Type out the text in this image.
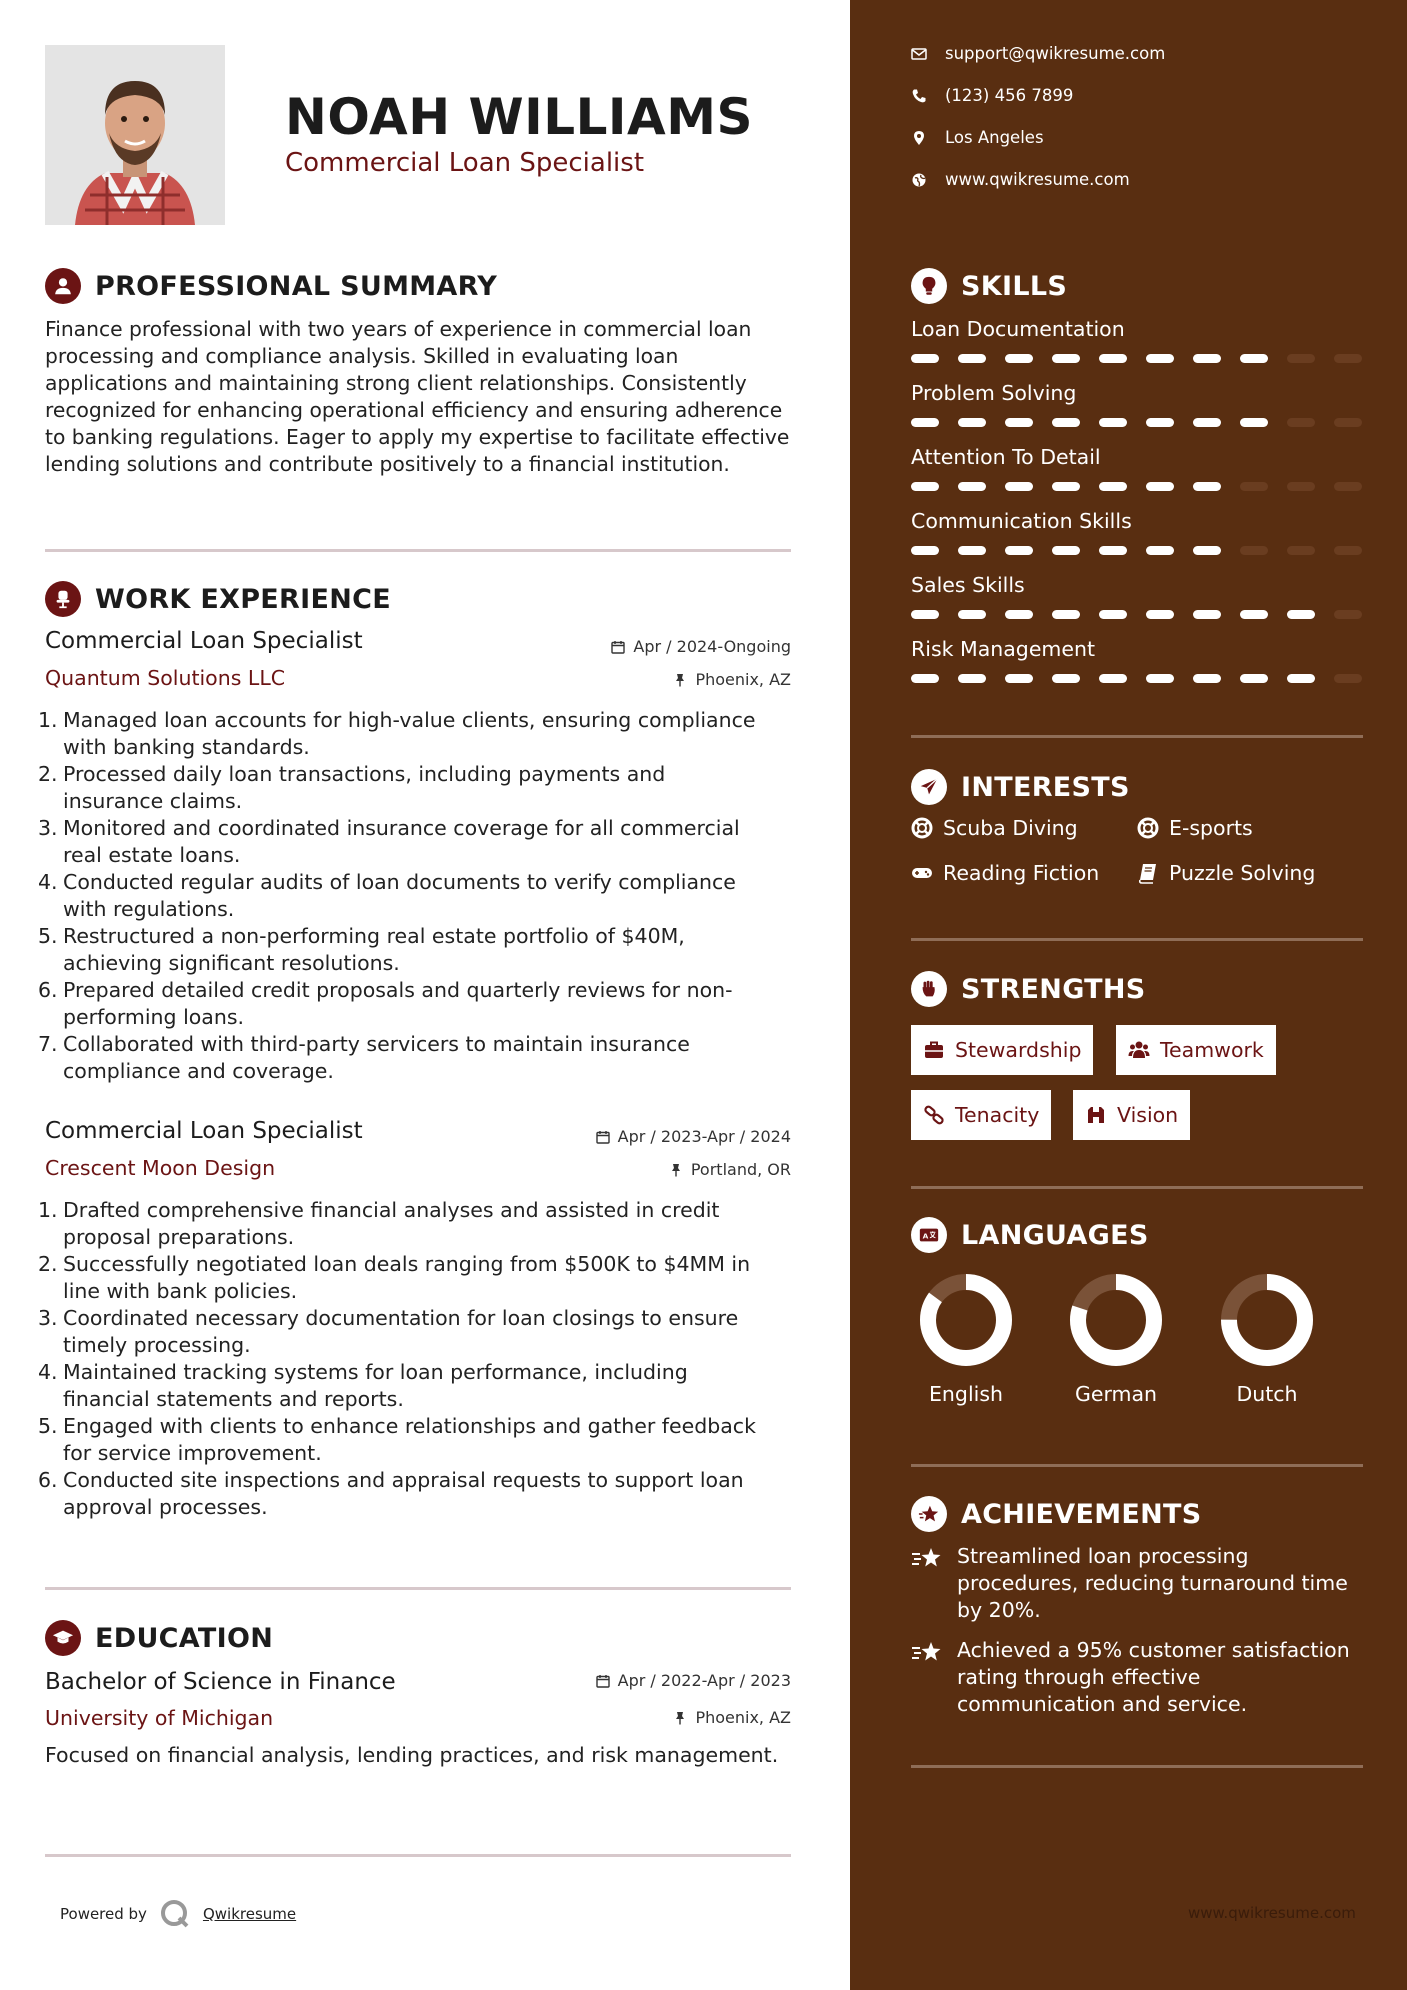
NOAH WILLIAMS
Commercial Loan Specialist
PROFESSIONAL SUMMARY
Finance professional with two years of experience in commercial loan processing and compliance analysis. Skilled in evaluating loan applications and maintaining strong client relationships. Consistently recognized for enhancing operational efficiency and ensuring adherence to banking regulations. Eager to apply my expertise to facilitate effective lending solutions and contribute positively to a financial institution.
WORK EXPERIENCE
Commercial Loan Specialist	Apr / 2024-Ongoing
Quantum Solutions LLC	Phoenix, AZ
1. Managed loan accounts for high-value clients, ensuring compliance
with banking standards.
2. Processed daily loan transactions, including payments and
insurance claims.
3. Monitored and coordinated insurance coverage for all commercial
real estate loans.
4. Conducted regular audits of loan documents to verify compliance
with regulations.
5. Restructured a non-performing real estate portfolio of $40M,
achieving significant resolutions.
6. Prepared detailed credit proposals and quarterly reviews for non-
performing loans.
7. Collaborated with third-party servicers to maintain insurance
compliance and coverage.
Commercial Loan Specialist	Apr / 2023-Apr / 2024
Crescent Moon Design	Portland, OR
1. Drafted comprehensive financial analyses and assisted in credit
proposal preparations.
2. Successfully negotiated loan deals ranging from $500K to $4MM in
line with bank policies.
3. Coordinated necessary documentation for loan closings to ensure
timely processing.
4. Maintained tracking systems for loan performance, including
financial statements and reports.
5. Engaged with clients to enhance relationships and gather feedback
for service improvement.
6. Conducted site inspections and appraisal requests to support loan
approval processes.
EDUCATION
Bachelor of Science in Finance	Apr / 2022-Apr / 2023
University of Michigan	Phoenix, AZ
Focused on financial analysis, lending practices, and risk management.
Powered by	Qwikresume
support@qwikresume.com
(123) 456 7899
Los Angeles
www.qwikresume.com
SKILLS
Loan Documentation
Problem Solving
Attention To Detail
Communication Skills
Sales Skills
Risk Management
INTERESTS
Scuba Diving	E-sports
Reading Fiction	Puzzle Solving
STRENGTHS
Stewardship	Teamwork
Tenacity	Vision
A LANGUAGES
English	German	Dutch
ACHIEVEMENTS
Streamlined loan processing
procedures, reducing turnaround time
by 20%.
Achieved a 95% customer satisfaction
rating through effective
communication and service.
www.qwikresume.com
